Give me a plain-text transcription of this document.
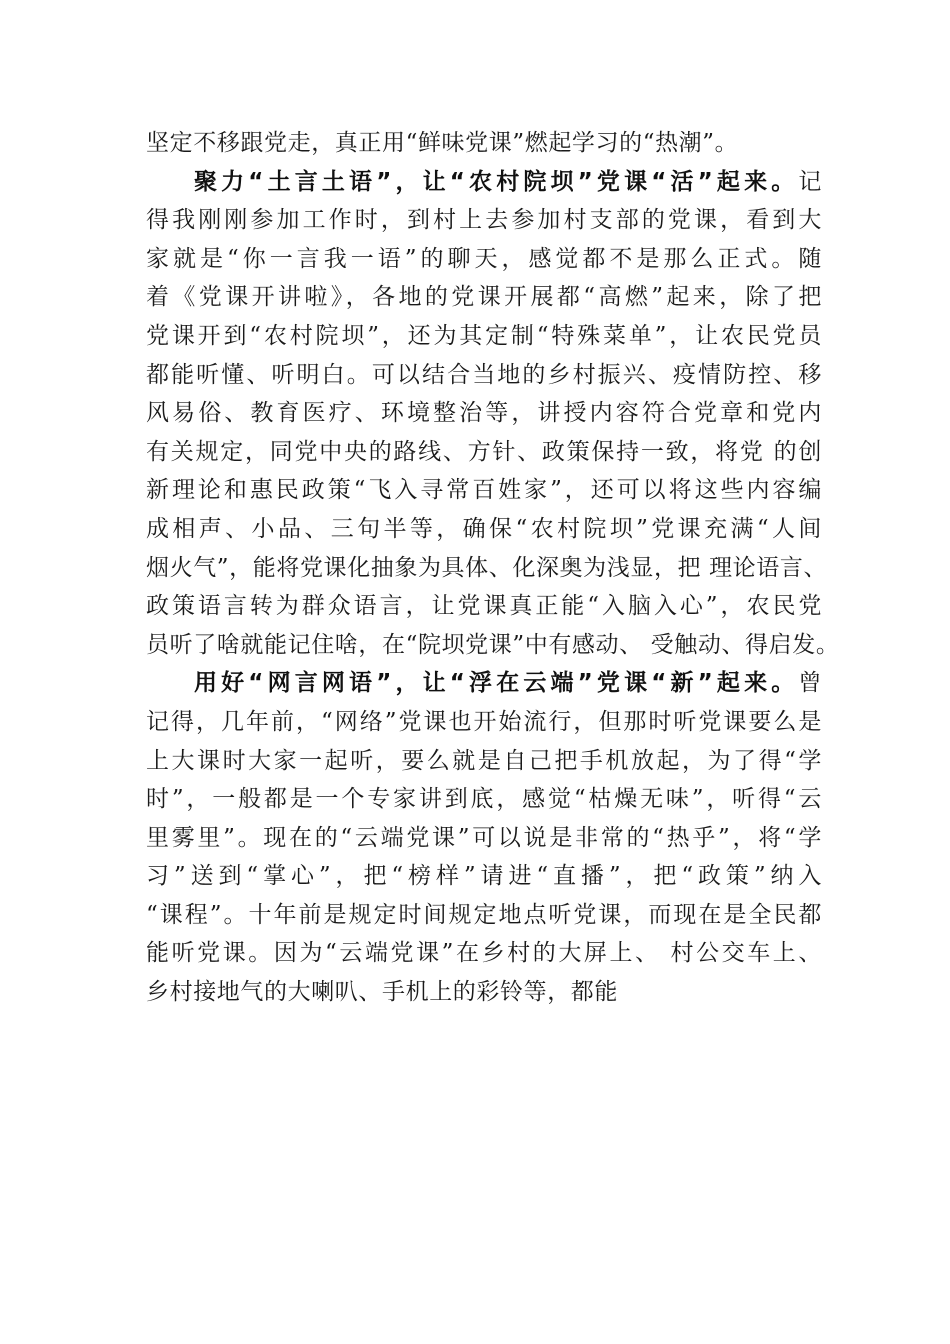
坚定不移跟党走，真正用“鲜味党课”燃起学习的“热潮”。
聚力“土言土语”，让“农村院坝”党课“活”起来。记
得我刚刚参加工作时，到村上去参加村支部的党课，看到大
家就是“你一言我一语”的聊天，感觉都不是那么正式。随
着《党课开讲啦》，各地的党课开展都“高燃”起来，除了把
党课开到“农村院坝”，还为其定制“特殊菜单”，让农民党员
都能听懂、听明白。可以结合当地的乡村振兴、疫情防控、移
风易俗、教育医疗、环境整治等，讲授内容符合党章和党内
有关规定，同党中央的路线、方针、政策保持一致，将党 的创
新理论和惠民政策“飞入寻常百姓家”，还可以将这些内容编
成相声、小品、三句半等，确保“农村院坝”党课充满“人间
烟火气”，能将党课化抽象为具体、化深奥为浅显，把 理论语言、
政策语言转为群众语言，让党课真正能“入脑入心”，农民党
员听了啥就能记住啥，在“院坝党课”中有感动、 受触动、得启发。
用好“网言网语”，让“浮在云端”党课“新”起来。曾
记得，几年前，“网络”党课也开始流行，但那时听党课要么是
上大课时大家一起听，要么就是自己把手机放起，为了得“学
时”，一般都是一个专家讲到底，感觉“枯燥无味”，听得“云
里雾里”。现在的“云端党课”可以说是非常的“热乎”，将“学
习”送到“掌心”，把“榜样”请进“直播”，把“政策”纳入
“课程”。十年前是规定时间规定地点听党课，而现在是全民都
能听党课。因为“云端党课”在乡村的大屏上、 村公交车上、
乡村接地气的大喇叭、手机上的彩铃等，都能
